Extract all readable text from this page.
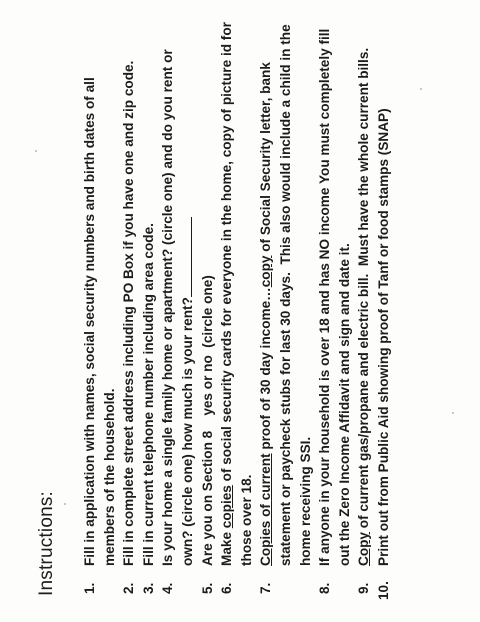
Instructions: 1.
Fill in application with names, social security numbers and birth dates of all members of the household.
2.
Fill in complete street address including PO Box if you have one and zip code.
3.
Fill in current telephone number including area code.
4.
Is your home a single family home or apartment? (circle one) and do you rent or own? (circle one) how much is your rent?
5.
Are you on Section 8    yes or no  (circle one)
6.
Make copies of social security cards for everyone in the home, copy of picture id for those over 18.
7.
Copies of current proof of 30 day income…copy of Social Security letter, bank statement or paycheck stubs for last 30 days.  This also would include a child in the home receiving SSI.
8.
If anyone in your household is over 18 and has NO income You must completely fill out the Zero Income Affidavit and sign and date it.
9.
Copy of current gas/propane and electric bill.  Must have the whole current bills.
10.
Print out from Public Aid showing proof of Tanf or food stamps (SNAP)
